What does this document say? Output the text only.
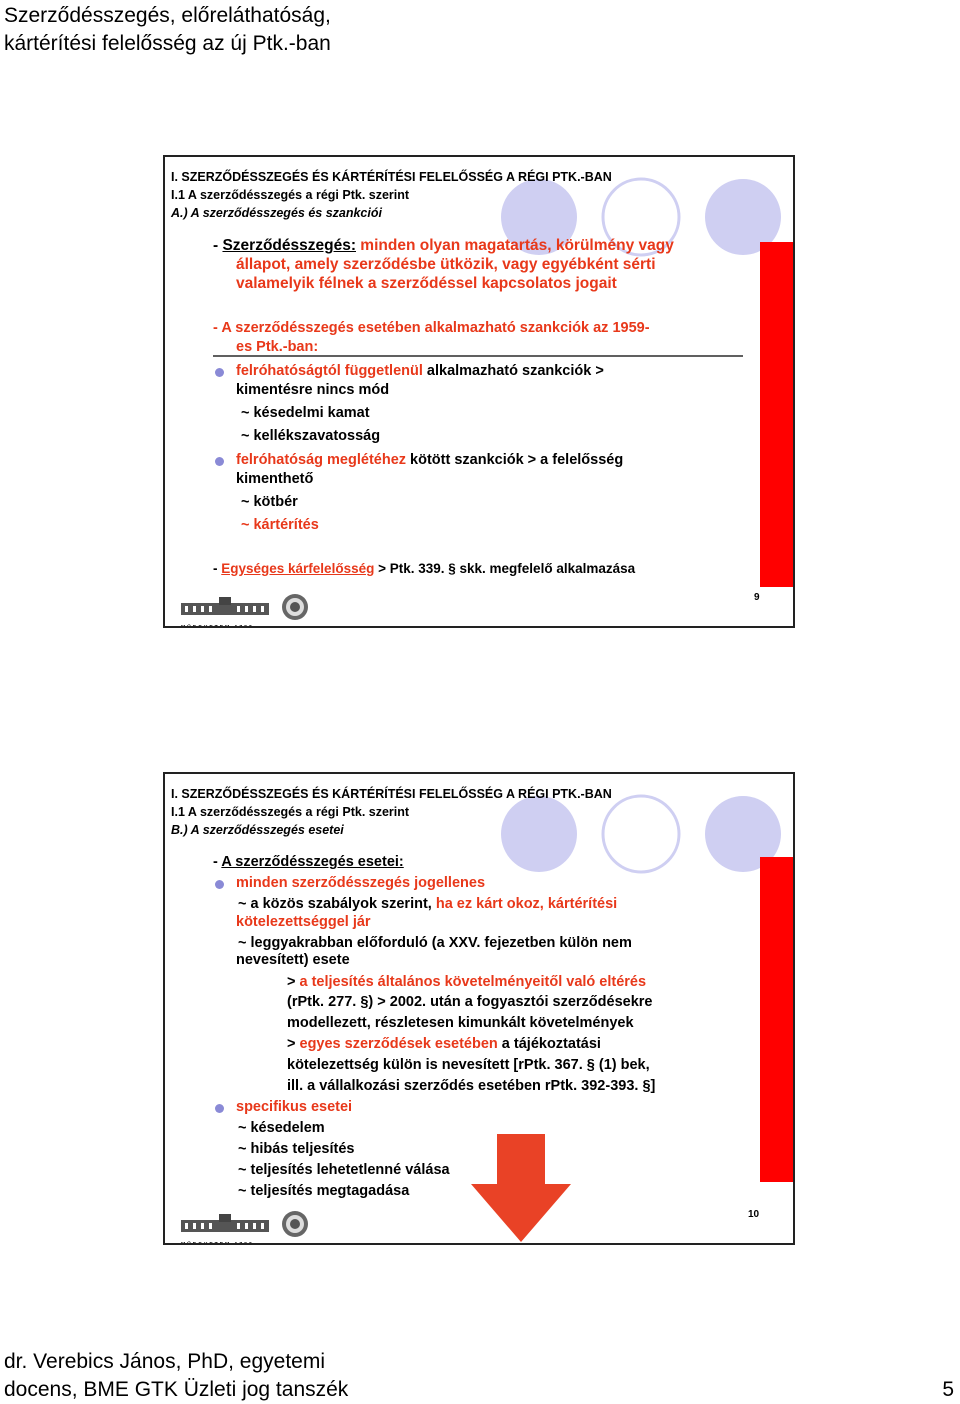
Szerződésszegés, előreláthatóság,
kártérítési felelősség az új Ptk.-ban
I. SZERZŐDÉSSZEGÉS ÉS KÁRTÉRÍTÉSI FELELŐSSÉG A RÉGI PTK.-BAN
I.1 A szerződésszegés a régi Ptk. szerint
A.) A szerződésszegés és szankciói
- Szerződésszegés: minden olyan magatartás, körülmény vagy
állapot, amely szerződésbe ütközik, vagy egyébként sérti
valamelyik félnek a szerződéssel kapcsolatos jogait
- A szerződésszegés esetében alkalmazható szankciók az 1959-
es Ptk.-ban:
felróhatóságtól függetlenül alkalmazható szankciók >
kimentésre nincs mód
~ késedelmi kamat
~ kellékszavatosság
felróhatóság meglétéhez kötött szankciók > a felelősség
kimenthető
~ kötbér
~ kártérítés
- Egységes kárfelelősség > Ptk. 339. § skk. megfelelő alkalmazása
9
MŰEGYETEM 1782
I. SZERZŐDÉSSZEGÉS ÉS KÁRTÉRÍTÉSI FELELŐSSÉG A RÉGI PTK.-BAN
I.1 A szerződésszegés a régi Ptk. szerint
B.) A szerződésszegés esetei
- A szerződésszegés esetei:
minden szerződésszegés jogellenes
~ a közös szabályok szerint, ha ez kárt okoz, kártérítési
kötelezettséggel jár
~ leggyakrabban előforduló (a XXV. fejezetben külön nem
nevesített) esete
> a teljesítés általános követelményeitől való eltérés
(rPtk. 277. §) > 2002. után a fogyasztói szerződésekre
modellezett, részletesen kimunkált követelmények
> egyes szerződések esetében a tájékoztatási
kötelezettség külön is nevesített [rPtk. 367. § (1) bek,
ill. a vállalkozási szerződés esetében rPtk. 392-393. §]
specifikus esetei
~ késedelem
~ hibás teljesítés
~ teljesítés lehetetlenné válása
~ teljesítés megtagadása
10
MŰEGYETEM 1782
dr. Verebics János, PhD, egyetemi
docens, BME GTK Üzleti jog tanszék	5
